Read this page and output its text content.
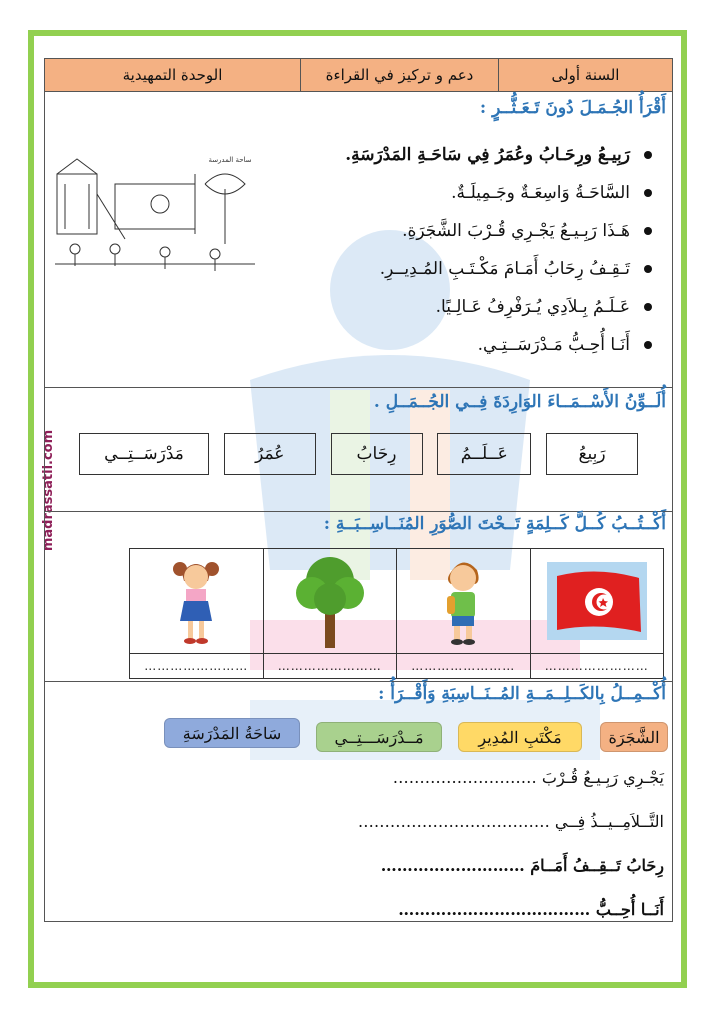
madrassatii.com
السنة أولى
دعم و تركيز في القراءة
الوحدة التمهيدية
أَقْرَأُ الجُـمَـلَ دُونَ تَـعَـثُّــرٍ :
رَبِيـعُ ورِحَـابُ وعُمَرُ فِي سَاحَـةِ المَدْرَسَةِ.
السَّاحَـةُ وَاسِعَـةٌ وجَـمِيلَـةٌ.
هَـذَا رَبِـيـعُ يَجْـرِي قُـرْبَ الشَّجَرَةِ.
تَـقِـفُ رِحَابُ أَمَـامَ مَكْـتَـبِ المُـدِيــرِ.
عَـلَـمُ بِـلاَدِي يُـرَفْرِفُ عَـالِـيًا.
أَنَـا أُحِـبُّ مَـدْرَسَــتِـي.
ساحة المدرسة
أُلَــوِّنُ الأَسْــمَــاءَ الوَارِدَةَ فِــي الجُــمَــلِ .
رَبِيعُ
عَــلَــمُ
رِحَابُ
عُمَرُ
مَدْرَسَــتِــي
أَكْــتُــبُ كُــلَّ كَــلِمَةٍ تَــحْتَ الصُّوَرِ المُنَــاسِــبَــةِ :
……………………
……………………
……………………
……………………
أُكْــمِــلُ بِالكَــلِــمَــةِ المُــنَــاسِبَةِ وَأَقْــرَأُ :
الشَّجَرَة
مَكْتَبِ المُدِيرِ
مَــدْرَسَـــتِــي
سَاحَةُ المَدْرَسَةِ
يَجْـرِي رَبِـيـعُ قُـرْبَ ………………………
التَّــلاَمِــيــذُ فِــي ………………………………
رِحَابُ تَــقِــفُ أَمَــامَ ………………………
أَنَــا أُحِــبُّ ………………………………
